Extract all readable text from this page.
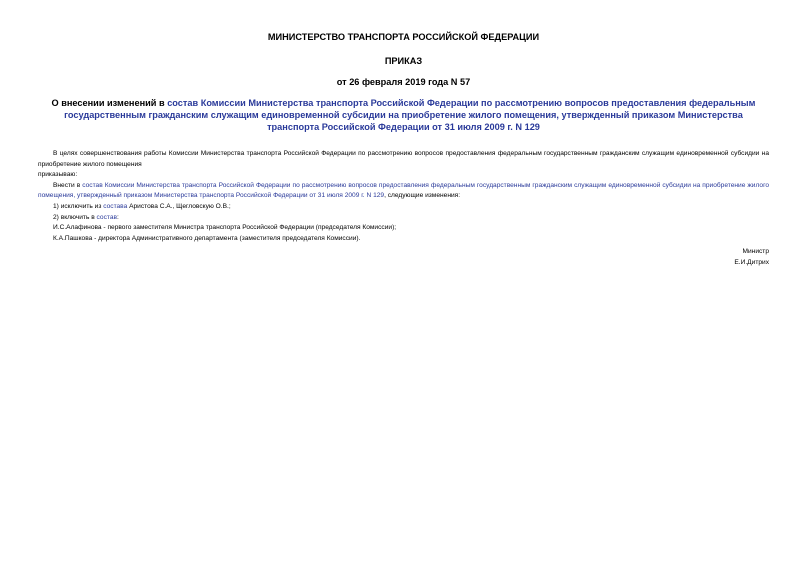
МИНИСТЕРСТВО ТРАНСПОРТА РОССИЙСКОЙ ФЕДЕРАЦИИ
ПРИКАЗ
от 26 февраля 2019 года N 57
О внесении изменений в состав Комиссии Министерства транспорта Российской Федерации по рассмотрению вопросов предоставления федеральным государственным гражданским служащим единовременной субсидии на приобретение жилого помещения, утвержденный приказом Министерства транспорта Российской Федерации от 31 июля 2009 г. N 129

В целях совершенствования работы Комиссии Министерства транспорта Российской Федерации по рассмотрению вопросов предоставления федеральным государственным гражданским служащим единовременной субсидии на приобретение жилого помещения

приказываю:

Внести в состав Комиссии Министерства транспорта Российской Федерации по рассмотрению вопросов предоставления федеральным государственным гражданским служащим единовременной субсидии на приобретение жилого помещения, утвержденный приказом Министерства транспорта Российской Федерации от 31 июля 2009 г. N 129, следующие изменения:

1) исключить из состава Аристова С.А., Щегловскую О.В.;

2) включить в состав:

И.С.Алафинова - первого заместителя Министра транспорта Российской Федерации (председателя Комиссии);

К.А.Пашкова - директора Административного департамента (заместителя председателя Комиссии).

Министр
Е.И.Дитрих
